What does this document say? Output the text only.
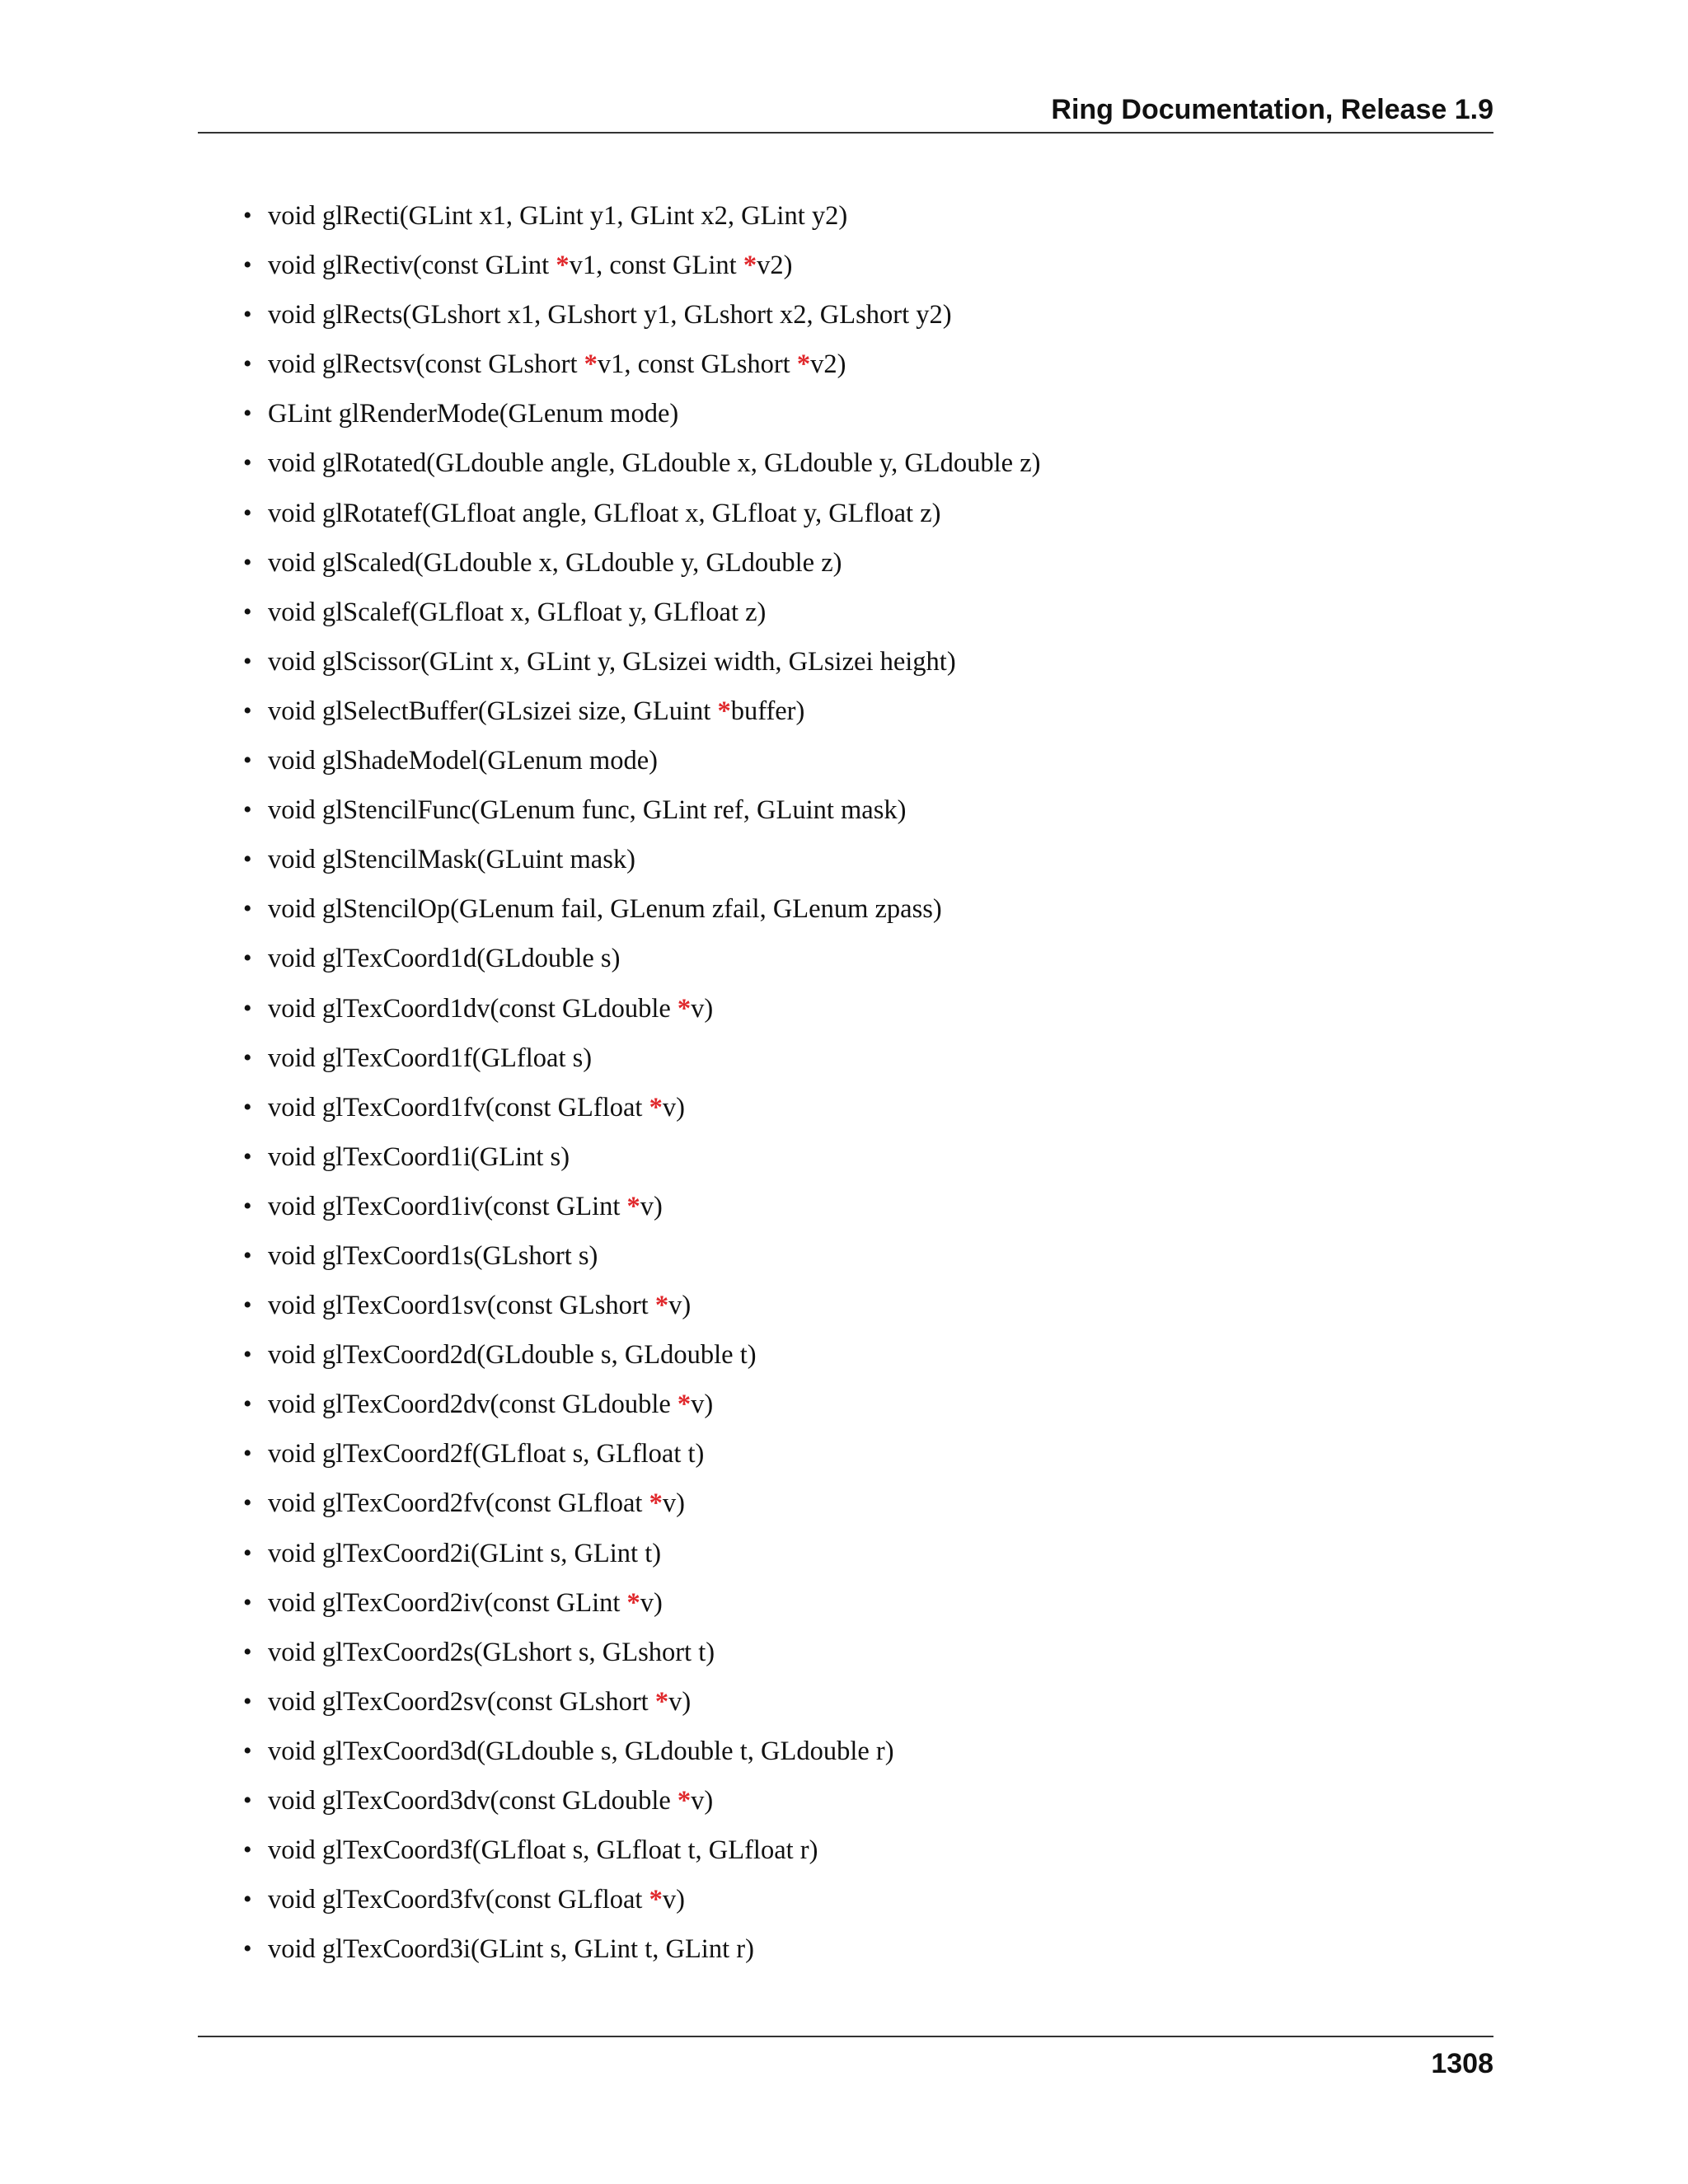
Ring Documentation, Release 1.9
• void glRecti(GLint x1, GLint y1, GLint x2, GLint y2)
• void glRectiv(const GLint *v1, const GLint *v2)
• void glRects(GLshort x1, GLshort y1, GLshort x2, GLshort y2)
• void glRectsv(const GLshort *v1, const GLshort *v2)
• GLint glRenderMode(GLenum mode)
• void glRotated(GLdouble angle, GLdouble x, GLdouble y, GLdouble z)
• void glRotatef(GLfloat angle, GLfloat x, GLfloat y, GLfloat z)
• void glScaled(GLdouble x, GLdouble y, GLdouble z)
• void glScalef(GLfloat x, GLfloat y, GLfloat z)
• void glScissor(GLint x, GLint y, GLsizei width, GLsizei height)
• void glSelectBuffer(GLsizei size, GLuint *buffer)
• void glShadeModel(GLenum mode)
• void glStencilFunc(GLenum func, GLint ref, GLuint mask)
• void glStencilMask(GLuint mask)
• void glStencilOp(GLenum fail, GLenum zfail, GLenum zpass)
• void glTexCoord1d(GLdouble s)
• void glTexCoord1dv(const GLdouble *v)
• void glTexCoord1f(GLfloat s)
• void glTexCoord1fv(const GLfloat *v)
• void glTexCoord1i(GLint s)
• void glTexCoord1iv(const GLint *v)
• void glTexCoord1s(GLshort s)
• void glTexCoord1sv(const GLshort *v)
• void glTexCoord2d(GLdouble s, GLdouble t)
• void glTexCoord2dv(const GLdouble *v)
• void glTexCoord2f(GLfloat s, GLfloat t)
• void glTexCoord2fv(const GLfloat *v)
• void glTexCoord2i(GLint s, GLint t)
• void glTexCoord2iv(const GLint *v)
• void glTexCoord2s(GLshort s, GLshort t)
• void glTexCoord2sv(const GLshort *v)
• void glTexCoord3d(GLdouble s, GLdouble t, GLdouble r)
• void glTexCoord3dv(const GLdouble *v)
• void glTexCoord3f(GLfloat s, GLfloat t, GLfloat r)
• void glTexCoord3fv(const GLfloat *v)
• void glTexCoord3i(GLint s, GLint t, GLint r)
1308
